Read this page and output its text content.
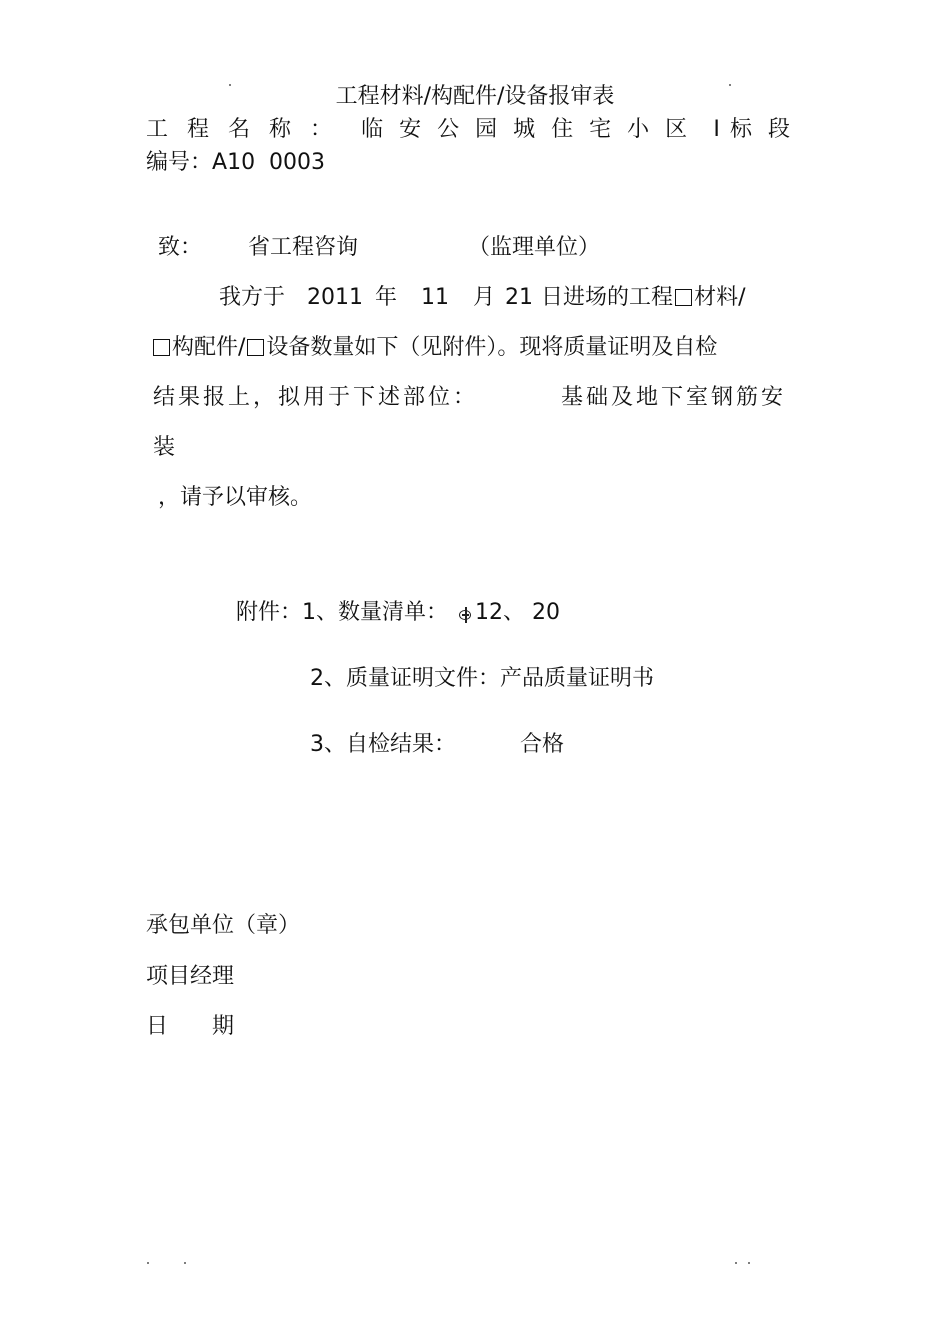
工程材料/构配件/设备报审表
工程名称： 临安公园城住宅小区 Ⅰ 标段
编号：A10  0003
致： 省工程咨询	（监理单位）
我方于 2011 年 11 月 21 日进场的工程 材料/
构配件/ 设备数量如下（见附件）。现将质量证明及自检
结果报上，拟用于下述部位：	基础及地下室钢筋安
装
，请予以审核。
附件：1、数量清单： 12、 20
2、质量证明文件：产品质量证明书
3、自检结果：	合格
承包单位（章）
项目经理
日　　期
